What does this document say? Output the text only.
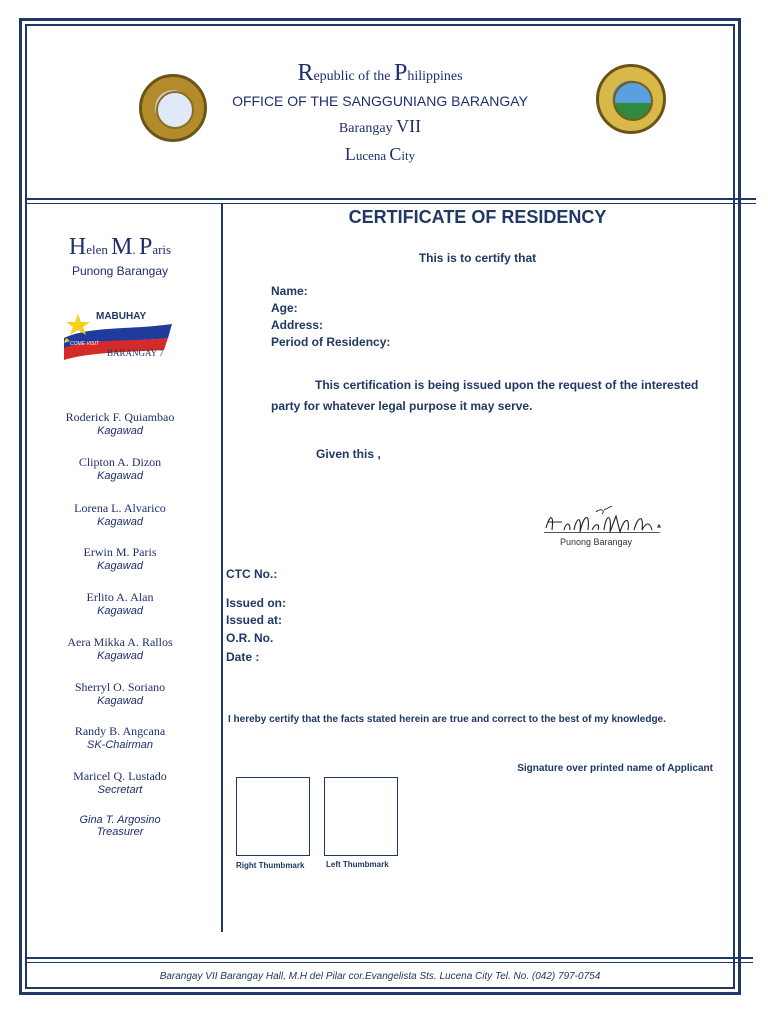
Republic of the Philippines
OFFICE OF THE SANGGUNIANG BARANGAY
Barangay VII
Lucena City
Helen M. Paris
Punong Barangay
MABUHAY
COME VISIT
BARANGAY 7
Roderick F. Quiambao
Kagawad
Clipton A. Dizon
Kagawad
Lorena L. Alvarico
Kagawad
Erwin M. Paris
Kagawad
Erlito A. Alan
Kagawad
Aera Mikka A. Rallos
Kagawad
Sherryl O. Soriano
Kagawad
Randy B. Angcana
SK-Chairman
Maricel Q. Lustado
Secretart
Gina T. Argosino
Treasurer
CERTIFICATE OF RESIDENCY
This is to certify that
Name:
Age:
Address:
Period of Residency:
This certification is being issued upon the request of the interested party for whatever legal purpose it may serve.
Given this ,
Punong Barangay
CTC No.:
Issued on:
Issued at:
O.R. No.
Date :
I hereby certify that the facts stated herein are true and correct to the best of my knowledge.
Signature over printed name of Applicant
Right Thumbmark	Left Thumbmark
Barangay VII Barangay Hall, M.H del Pilar cor.Evangelista Sts. Lucena City Tel. No. (042) 797-0754
